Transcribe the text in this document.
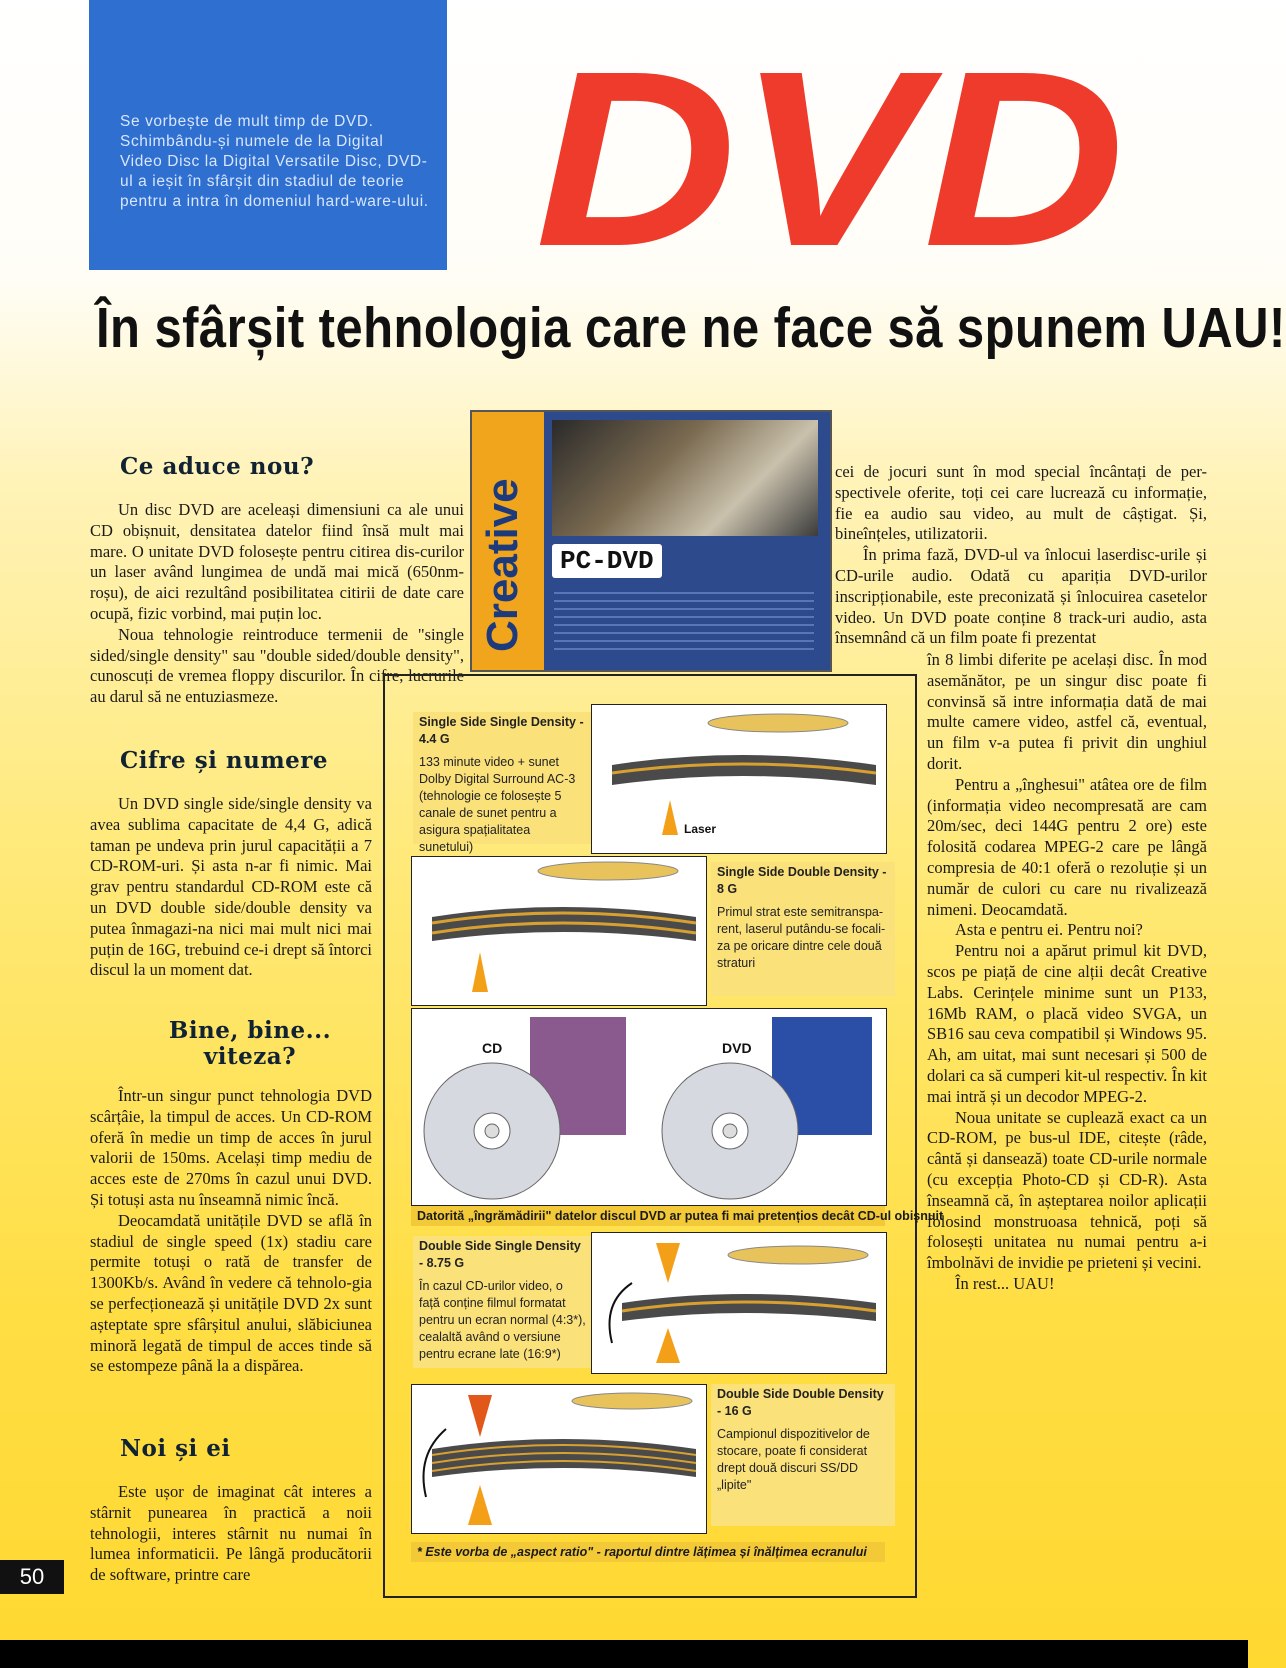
Se vorbește de mult timp de DVD. Schimbându-și numele de la Digital Video Disc la Digital Versatile Disc, DVD-ul a ieșit în sfârșit din stadiul de teorie pentru a intra în domeniul hard-ware-ului. DVD
În sfârșit tehnologia care ne face să spunem UAU!
Ce aduce nou?

Un disc DVD are aceleași dimensiuni ca ale unui CD obișnuit, densitatea datelor fiind însă mult mai mare. O unitate DVD folosește pentru citirea dis-curilor un laser având lungimea de undă mai mică (650nm-roșu), de aici rezultând posibilitatea citirii de date care ocupă, fizic vorbind, mai puțin loc.

Noua tehnologie reintroduce termenii de "single sided/single density" sau "double sided/double density", cunoscuți de vremea floppy discurilor. În cifre, lucrurile au darul să ne entuziasmeze.

Cifre și numere

Un DVD single side/single density va avea sublima capacitate de 4,4 G, adică taman pe undeva prin jurul capacității a 7 CD-ROM-uri. Și asta n-ar fi nimic. Mai grav pentru standardul CD-ROM este că un DVD double side/double density va putea înmagazi-na nici mai mult nici mai puțin de 16G, trebuind ce-i drept să întorci discul la un moment dat.

Bine, bine... viteza?

Într-un singur punct tehnologia DVD scârțâie, la timpul de acces. Un CD-ROM oferă în medie un timp de acces în jurul valorii de 150ms. Același timp mediu de acces este de 270ms în cazul unui DVD. Și totuși asta nu înseamnă nimic încă.

Deocamdată unitățile DVD se află în stadiul de single speed (1x) stadiu care permite totuși o rată de transfer de 1300Kb/s. Având în vedere că tehnolo-gia se perfecționează și unitățile DVD 2x sunt așteptate spre sfârșitul anului, slăbiciunea minoră legată de timpul de acces tinde să se estompeze până la a dispărea.

Noi și ei

Este ușor de imaginat cât interes a stârnit punearea în practică a noii tehnologii, interes stârnit nu numai în lumea informaticii. Pe lângă producătorii de software, printre care

Creative	PC-DVD

cei de jocuri sunt în mod special încântați de per-spectivele oferite, toți cei care lucrează cu informație, fie ea audio sau video, au mult de câștigat. Și, bineînțeles, utilizatorii.

În prima fază, DVD-ul va înlocui laserdisc-urile și CD-urile audio. Odată cu apariția DVD-urilor inscripționabile, este preconizată și înlocuirea casetelor video. Un DVD poate conține 8 track-uri audio, asta însemnând că un film poate fi prezentat

în 8 limbi diferite pe același disc. În mod asemănător, pe un singur disc poate fi convinsă să intre informația dată de mai multe camere video, astfel că, eventual, un film v-a putea fi privit din unghiul dorit.

Pentru a „înghesui" atâtea ore de film (informația video necompresată are cam 20m/sec, deci 144G pentru 2 ore) este folosită codarea MPEG-2 care pe lângă compresia de 40:1 oferă o rezoluție și un număr de culori cu care nu rivalizează nimeni. Deocamdată.

Asta e pentru ei. Pentru noi?

Pentru noi a apărut primul kit DVD, scos pe piață de cine alții decât Creative Labs. Cerințele minime sunt un P133, 16Mb RAM, o placă video SVGA, un SB16 sau ceva compatibil și Windows 95. Ah, am uitat, mai sunt necesari și 500 de dolari ca să cumperi kit-ul respectiv. În kit mai intră și un decodor MPEG-2.

Noua unitate se cuplează exact ca un CD-ROM, pe bus-ul IDE, citește (râde, cântă și dansează) toate CD-urile normale (cu excepția Photo-CD și CD-R). Asta înseamnă că, în așteptarea noilor aplicații folosind monstruoasa tehnică, poți să folosești unitatea nu numai pentru a-i îmbolnăvi de invidie pe prieteni și vecini.

În rest... UAU!

Single Side Single Density - 4.4 G
133 minute video + sunet Dolby Digital Surround AC-3 (tehnologie ce folosește 5 canale de sunet pentru a asigura spațialitatea sunetului)
Laser
Single Side Double Density - 8 G
Primul strat este semitranspa-rent, laserul putându-se focali-za pe oricare dintre cele două straturi
CD	DVD
Datorită „îngrămădirii" datelor discul DVD ar putea fi mai pretențios decât CD-ul obișnuit
Double Side Single Density - 8.75 G
În cazul CD-urilor video, o față conține filmul formatat pentru un ecran normal (4:3*), cealaltă având o versiune pentru ecrane late (16:9*)
Double Side Double Density - 16 G
Campionul dispozitivelor de stocare, poate fi considerat drept două discuri SS/DD „lipite"
* Este vorba de „aspect ratio" - raportul dintre lățimea și înălțimea ecranului
50
